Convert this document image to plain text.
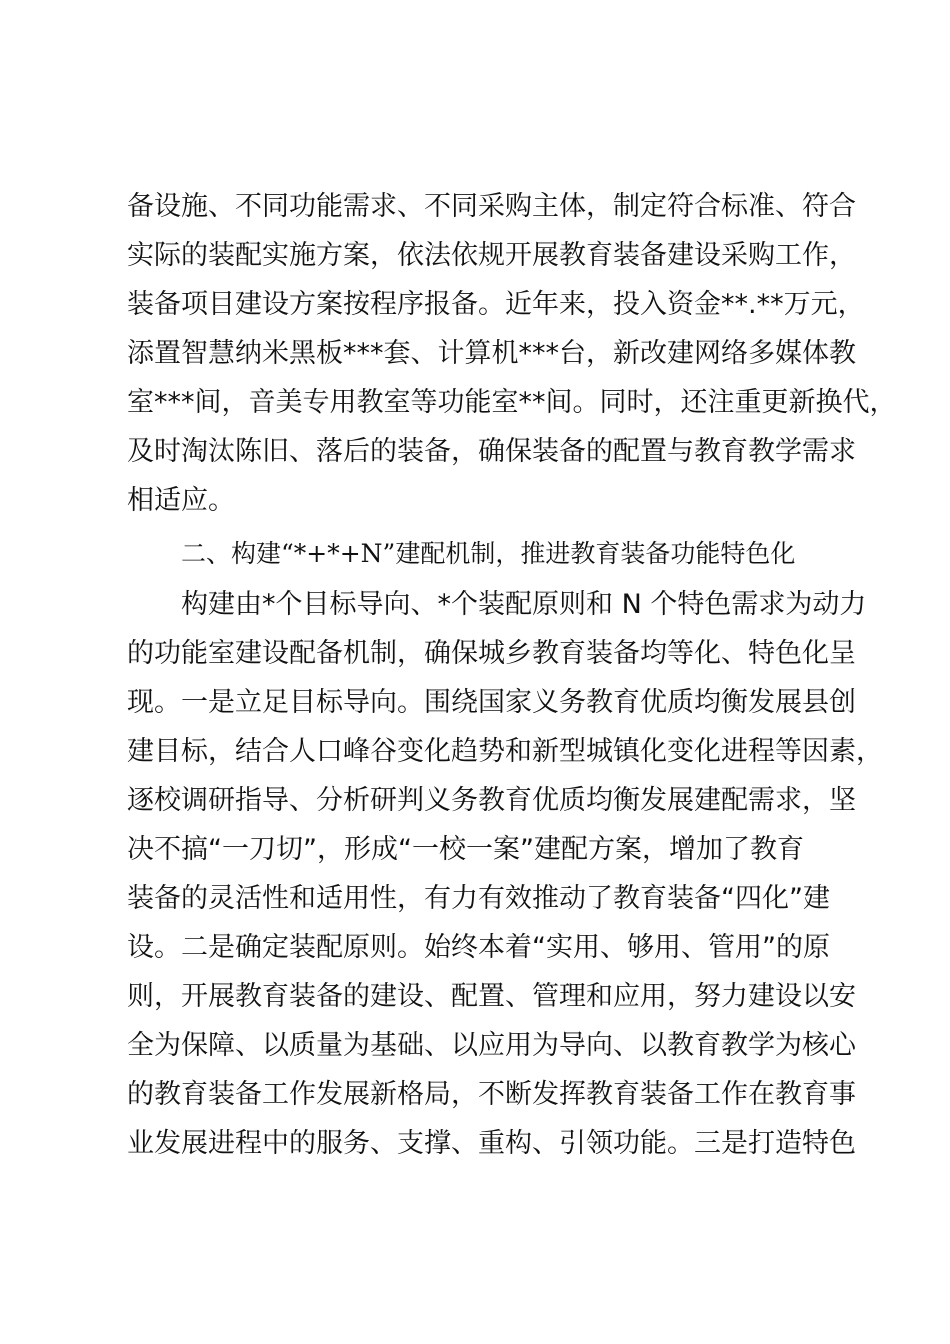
备设施、不同功能需求、不同采购主体，制定符合标准、符合
实际的装配实施方案，依法依规开展教育装备建设采购工作，
装备项目建设方案按程序报备。近年来，投入资金**.**万元，
添置智慧纳米黑板***套、计算机***台，新改建网络多媒体教
室***间，音美专用教室等功能室**间。同时，还注重更新换代，
及时淘汰陈旧、落后的装备，确保装备的配置与教育教学需求
相适应。
二、构建“*+*+N”建配机制，推进教育装备功能特色化
构建由*个目标导向、*个装配原则和 N 个特色需求为动力
的功能室建设配备机制，确保城乡教育装备均等化、特色化呈
现。一是立足目标导向。围绕国家义务教育优质均衡发展县创
建目标，结合人口峰谷变化趋势和新型城镇化变化进程等因素，
逐校调研指导、分析研判义务教育优质均衡发展建配需求，坚
决不搞“一刀切”，形成“一校一案”建配方案，增加了教育
装备的灵活性和适用性，有力有效推动了教育装备“四化”建
设。二是确定装配原则。始终本着“实用、够用、管用”的原
则，开展教育装备的建设、配置、管理和应用，努力建设以安
全为保障、以质量为基础、以应用为导向、以教育教学为核心
的教育装备工作发展新格局，不断发挥教育装备工作在教育事
业发展进程中的服务、支撑、重构、引领功能。三是打造特色
